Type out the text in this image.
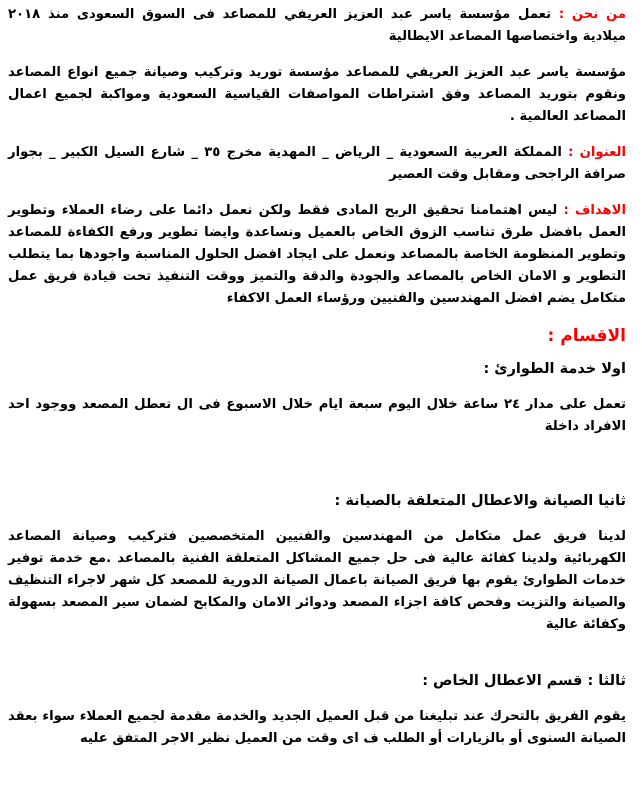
من نحن : تعمل مؤسسة ياسر عبد العزيز العريفي للمصاعد فى السوق السعودى منذ ٢٠١٨ ميلادية واختصاصها المصاعد الايطالية

مؤسسة ياسر عبد العزيز العريفي للمصاعد مؤسسة توريد وتركيب وصيانة جميع انواع المصاعد ونقوم بتوريد المصاعد وفق اشتراطات المواصفات القياسية السعودية ومواكبة لجميع اعمال المصاعد العالمية .

العنوان : المملكة العربية السعودية _ الرياض _ المهدية مخرج ٣٥ _ شارع السيل الكبير _ بجوار صرافة الراجحى ومقابل وقت العصير

الاهداف : ليس اهتمامنا تحقيق الربح المادى فقط ولكن نعمل دائما على رضاء العملاء وتطوير العمل بافضل طرق تناسب الزوق الخاص بالعميل ونساعدة وايضا تطوير ورفع الكفاءة للمصاعد وتطوير المنظومة الخاصة بالمصاعد ونعمل على ايجاد افضل الحلول المناسبة واجودها بما يتطلب التطوير و الامان الخاص بالمصاعد والجودة والدقة والتميز ووقت التنفيذ تحت قيادة فريق عمل متكامل يضم افضل المهندسين والفنيين ورؤساء العمل الاكفاء

الاقسام :
اولا خدمة الطوارئ :

تعمل على مدار ٢٤ ساعة خلال اليوم سبعة ايام خلال الاسبوع فى ال تعطل المصعد ووجود احد الافراد داخلة

ثانيا الصيانة والاعطال المتعلقة بالصيانة :

لدينا فريق عمل متكامل من المهندسين والفنيين المتخصصين فتركيب وصيانة المصاعد الكهربائية ولدينا كفائة عالية فى حل جميع المشاكل المتعلقة الفنية بالمصاعد .مع خدمة توفير خدمات الطوارئ يقوم بها فريق الصيانة باعمال الصيانة الدورية للمصعد كل شهر لاجراء التنظيف والصيانة والتزيت وفحص كافة اجزاء المصعد ودوائر الامان والمكابح لضمان سير المصعد بسهولة وكفائة عالية

ثالثا : قسم الاعطال الخاص :

يقوم الفريق بالتحرك عند تبليغنا من قبل العميل الجديد والخدمة مقدمة لجميع العملاء سواء بعقد الصيانة السنوى أو بالزيارات أو الطلب ف اى وقت من العميل نظير الاجر المتفق عليه
